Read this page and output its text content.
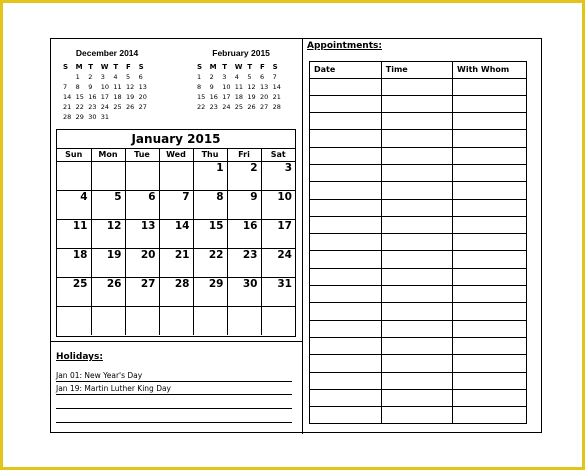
December 2014
S	M	T	W	T	F	S
	1	2	3	4	5	6
7	8	9	10	11	12	13
14	15	16	17	18	19	20
21	22	23	24	25	26	27
28	29	30	31			
February 2015
S	M	T	W	T	F	S
1	2	3	4	5	6	7
8	9	10	11	12	13	14
15	16	17	18	19	20	21
22	23	24	25	26	27	28
January 2015
Sun	Mon	Tue	Wed	Thu	Fri	Sat
				1	2	3
4	5	6	7	8	9	10
11	12	13	14	15	16	17
18	19	20	21	22	23	24
25	26	27	28	29	30	31

Holidays:
Jan 01: New Year's Day
Jan 19: Martin Luther King Day
Appointments:
Date	Time	With Whom
